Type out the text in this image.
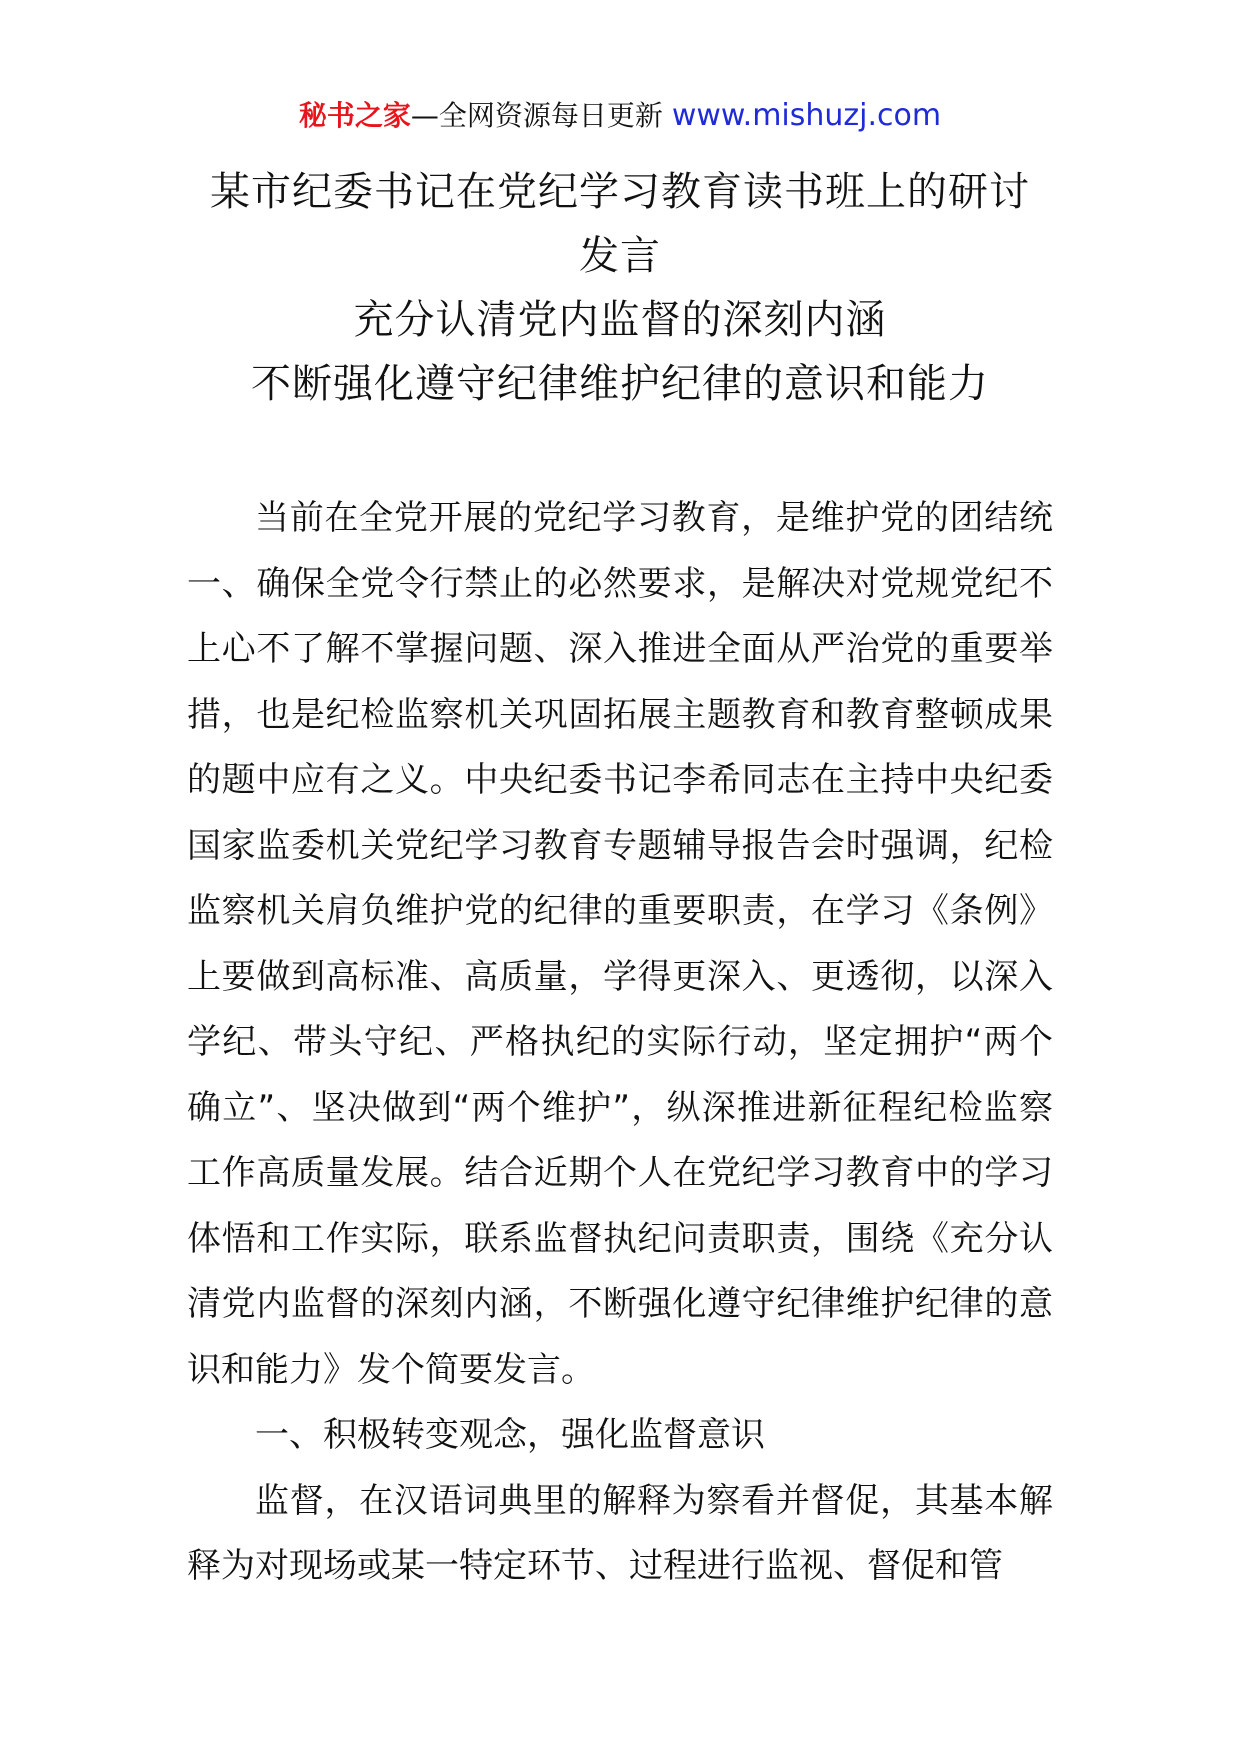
秘书之家—全网资源每日更新 www.mishuzj.com
某市纪委书记在党纪学习教育读书班上的研讨
发言
充分认清党内监督的深刻内涵
不断强化遵守纪律维护纪律的意识和能力

当前在全党开展的党纪学习教育，是维护党的团结统一、确保全党令行禁止的必然要求，是解决对党规党纪不上心不了解不掌握问题、深入推进全面从严治党的重要举措，也是纪检监察机关巩固拓展主题教育和教育整顿成果的题中应有之义。中央纪委书记李希同志在主持中央纪委国家监委机关党纪学习教育专题辅导报告会时强调，纪检监察机关肩负维护党的纪律的重要职责，在学习《条例》上要做到高标准、高质量，学得更深入、更透彻，以深入学纪、带头守纪、严格执纪的实际行动，坚定拥护“两个确立”、坚决做到“两个维护”，纵深推进新征程纪检监察工作高质量发展。结合近期个人在党纪学习教育中的学习体悟和工作实际，联系监督执纪问责职责，围绕《充分认清党内监督的深刻内涵，不断强化遵守纪律维护纪律的意识和能力》发个简要发言。

一、积极转变观念，强化监督意识

监督，在汉语词典里的解释为察看并督促，其基本解释为对现场或某一特定环节、过程进行监视、督促和管
